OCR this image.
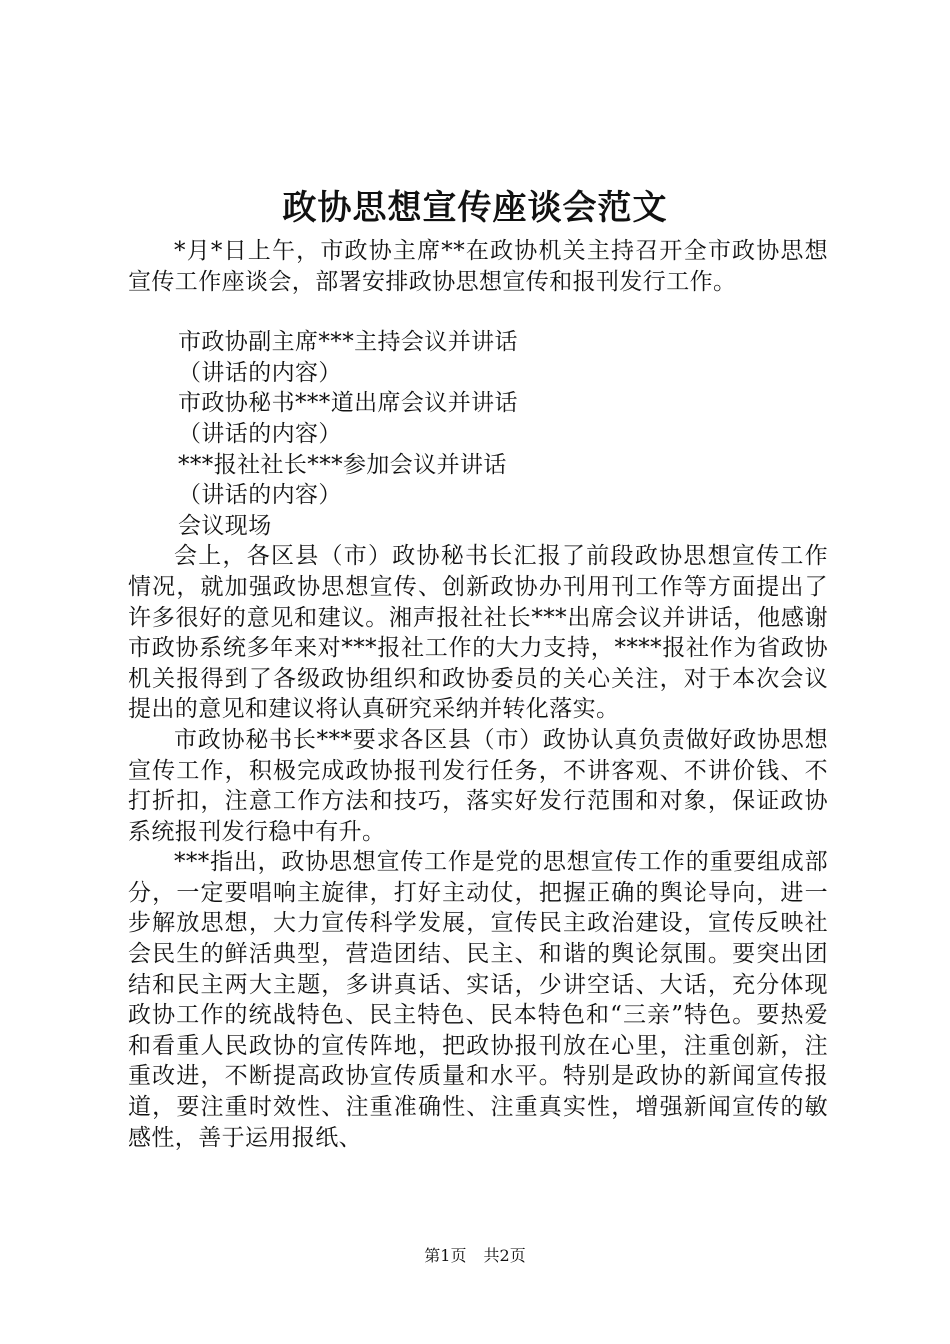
政协思想宣传座谈会范文

*月*日上午，市政协主席**在政协机关主持召开全市政协思想宣传工作座谈会，部署安排政协思想宣传和报刊发行工作。

市政协副主席***主持会议并讲话

（讲话的内容）

市政协秘书***道出席会议并讲话

（讲话的内容）

***报社社长***参加会议并讲话

（讲话的内容）

会议现场

会上，各区县（市）政协秘书长汇报了前段政协思想宣传工作情况，就加强政协思想宣传、创新政协办刊用刊工作等方面提出了许多很好的意见和建议。湘声报社社长***出席会议并讲话，他感谢市政协系统多年来对***报社工作的大力支持，****报社作为省政协机关报得到了各级政协组织和政协委员的关心关注，对于本次会议提出的意见和建议将认真研究采纳并转化落实。

市政协秘书长***要求各区县（市）政协认真负责做好政协思想宣传工作，积极完成政协报刊发行任务，不讲客观、不讲价钱、不打折扣，注意工作方法和技巧，落实好发行范围和对象，保证政协系统报刊发行稳中有升。

***指出，政协思想宣传工作是党的思想宣传工作的重要组成部分，一定要唱响主旋律，打好主动仗，把握正确的舆论导向，进一步解放思想，大力宣传科学发展，宣传民主政治建设，宣传反映社会民生的鲜活典型，营造团结、民主、和谐的舆论氛围。要突出团结和民主两大主题，多讲真话、实话，少讲空话、大话，充分体现政协工作的统战特色、民主特色、民本特色和“三亲”特色。要热爱和看重人民政协的宣传阵地，把政协报刊放在心里，注重创新，注重改进，不断提高政协宣传质量和水平。特别是政协的新闻宣传报道，要注重时效性、注重准确性、注重真实性，增强新闻宣传的敏感性，善于运用报纸、

第1页 共2页
